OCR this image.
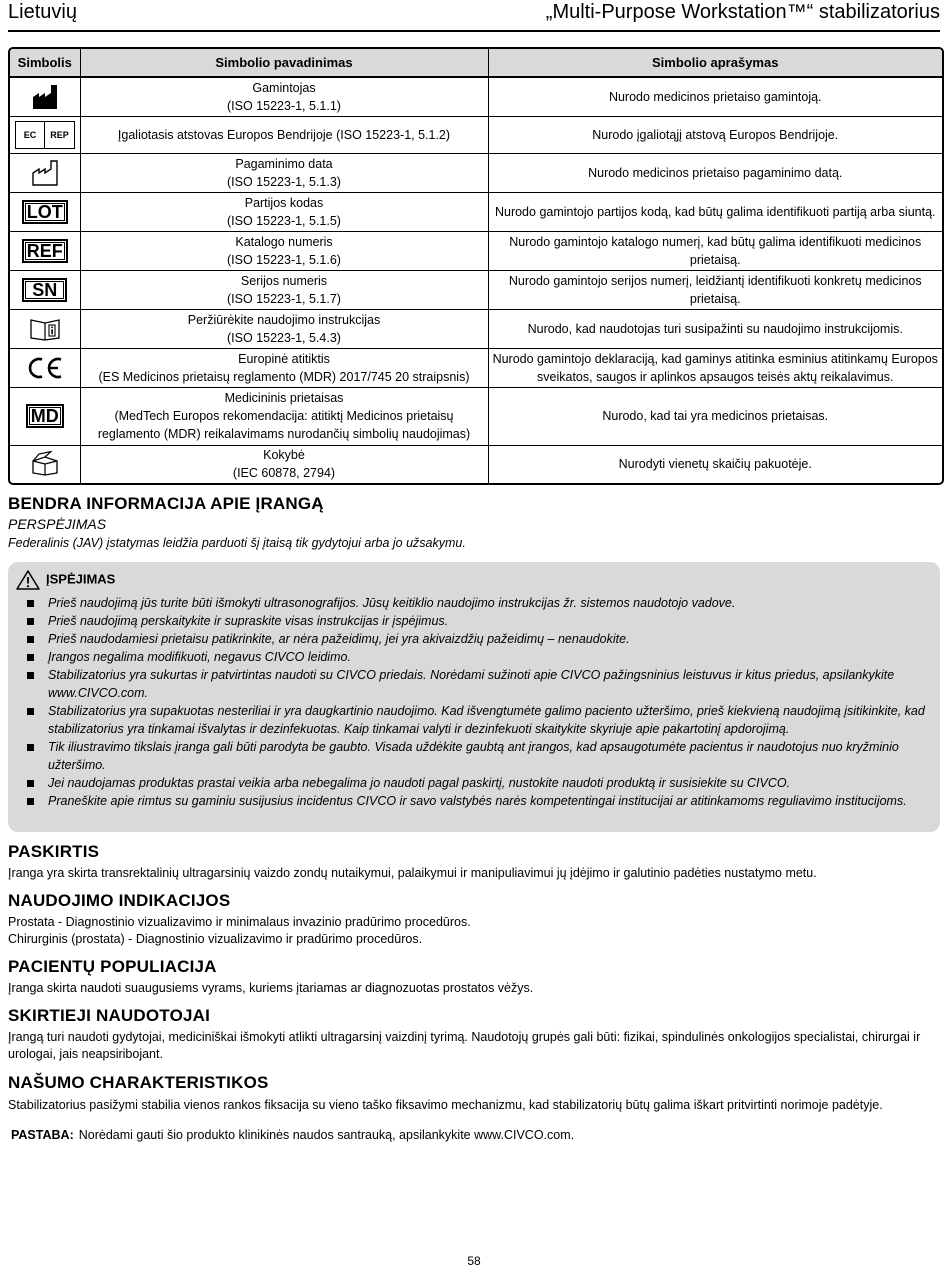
Lietuvių	„Multi-Purpose Workstation™“ stabilizatorius
Simbolis	Simbolio pavadinimas	Simbolio aprašymas

Gamintojas
(ISO 15223-1, 5.1.1)	Nurodo medicinos prietaiso gamintoją.

EC REP	Įgaliotasis atstovas Europos Bendrijoje (ISO 15223-1, 5.1.2)	Nurodo įgaliotąjį atstovą Europos Bendrijoje.

Pagaminimo data
(ISO 15223-1, 5.1.3)	Nurodo medicinos prietaiso pagaminimo datą.
LOT	Partijos kodas
(ISO 15223-1, 5.1.5)	Nurodo gamintojo partijos kodą, kad būtų galima identifikuoti partiją arba siuntą.
REF	Katalogo numeris
(ISO 15223-1, 5.1.6)	Nurodo gamintojo katalogo numerį, kad būtų galima identifikuoti medicinos prietaisą.
SN	Serijos numeris
(ISO 15223-1, 5.1.7)	Nurodo gamintojo serijos numerį, leidžiantį identifikuoti konkretų medicinos prietaisą.

Peržiūrėkite naudojimo instrukcijas
(ISO 15223-1, 5.4.3)	Nurodo, kad naudotojas turi susipažinti su naudojimo instrukcijomis.

Europinė atitiktis
(ES Medicinos prietaisų reglamento (MDR) 2017/745 20 straipsnis)	Nurodo gamintojo deklaraciją, kad gaminys atitinka esminius atitinkamų Europos sveikatos, saugos ir aplinkos apsaugos teisės aktų reikalavimus.
MD	Medicininis prietaisas
(MedTech Europos rekomendacija: atitiktį Medicinos prietaisų reglamento (MDR) reikalavimams nurodančių simbolių naudojimas)	Nurodo, kad tai yra medicinos prietaisas.

Kokybė
(IEC 60878, 2794)	Nurodyti vienetų skaičių pakuotėje.
BENDRA INFORMACIJA APIE ĮRANGĄ

PERSPĖJIMAS

Federalinis (JAV) įstatymas leidžia parduoti šį įtaisą tik gydytojui arba jo užsakymu.

ĮSPĖJIMAS
Prieš naudojimą jūs turite būti išmokyti ultrasonografijos. Jūsų keitiklio naudojimo instrukcijas žr. sistemos naudotojo vadove.
Prieš naudojimą perskaitykite ir supraskite visas instrukcijas ir įspėjimus.
Prieš naudodamiesi prietaisu patikrinkite, ar nėra pažeidimų, jei yra akivaizdžių pažeidimų – nenaudokite.
Įrangos negalima modifikuoti, negavus CIVCO leidimo.
Stabilizatorius yra sukurtas ir patvirtintas naudoti su CIVCO priedais. Norėdami sužinoti apie CIVCO pažingsninius leistuvus ir kitus priedus, apsilankykite www.CIVCO.com.
Stabilizatorius yra supakuotas nesteriliai ir yra daugkartinio naudojimo. Kad išvengtumėte galimo paciento užteršimo, prieš kiekvieną naudojimą įsitikinkite, kad stabilizatorius yra tinkamai išvalytas ir dezinfekuotas. Kaip tinkamai valyti ir dezinfekuoti skaitykite skyriuje apie pakartotinį apdorojimą.
Tik iliustravimo tikslais įranga gali būti parodyta be gaubto. Visada uždėkite gaubtą ant įrangos, kad apsaugotumėte pacientus ir naudotojus nuo kryžminio užteršimo.
Jei naudojamas produktas prastai veikia arba nebegalima jo naudoti pagal paskirtį, nustokite naudoti produktą ir susisiekite su CIVCO.
Praneškite apie rimtus su gaminiu susijusius incidentus CIVCO ir savo valstybės narės kompetentingai institucijai ar atitinkamoms reguliavimo institucijoms.
PASKIRTIS

Įranga yra skirta transrektalinių ultragarsinių vaizdo zondų nutaikymui, palaikymui ir manipuliavimui jų įdėjimo ir galutinio padėties nustatymo metu.

NAUDOJIMO INDIKACIJOS

Prostata - Diagnostinio vizualizavimo ir minimalaus invazinio pradūrimo procedūros.

Chirurginis (prostata) - Diagnostinio vizualizavimo ir pradūrimo procedūros.

PACIENTŲ POPULIACIJA

Įranga skirta naudoti suaugusiems vyrams, kuriems įtariamas ar diagnozuotas prostatos vėžys.

SKIRTIEJI NAUDOTOJAI

Įrangą turi naudoti gydytojai, mediciniškai išmokyti atlikti ultragarsinį vaizdinį tyrimą. Naudotojų grupės gali būti: fizikai, spindulinės onkologijos specialistai, chirurgai ir urologai, jais neapsiribojant.

NAŠUMO CHARAKTERISTIKOS

Stabilizatorius pasižymi stabilia vienos rankos fiksacija su vieno taško fiksavimo mechanizmu, kad stabilizatorių būtų galima iškart pritvirtinti norimoje padėtyje.

PASTABA: Norėdami gauti šio produkto klinikinės naudos santrauką, apsilankykite www.CIVCO.com.
58
